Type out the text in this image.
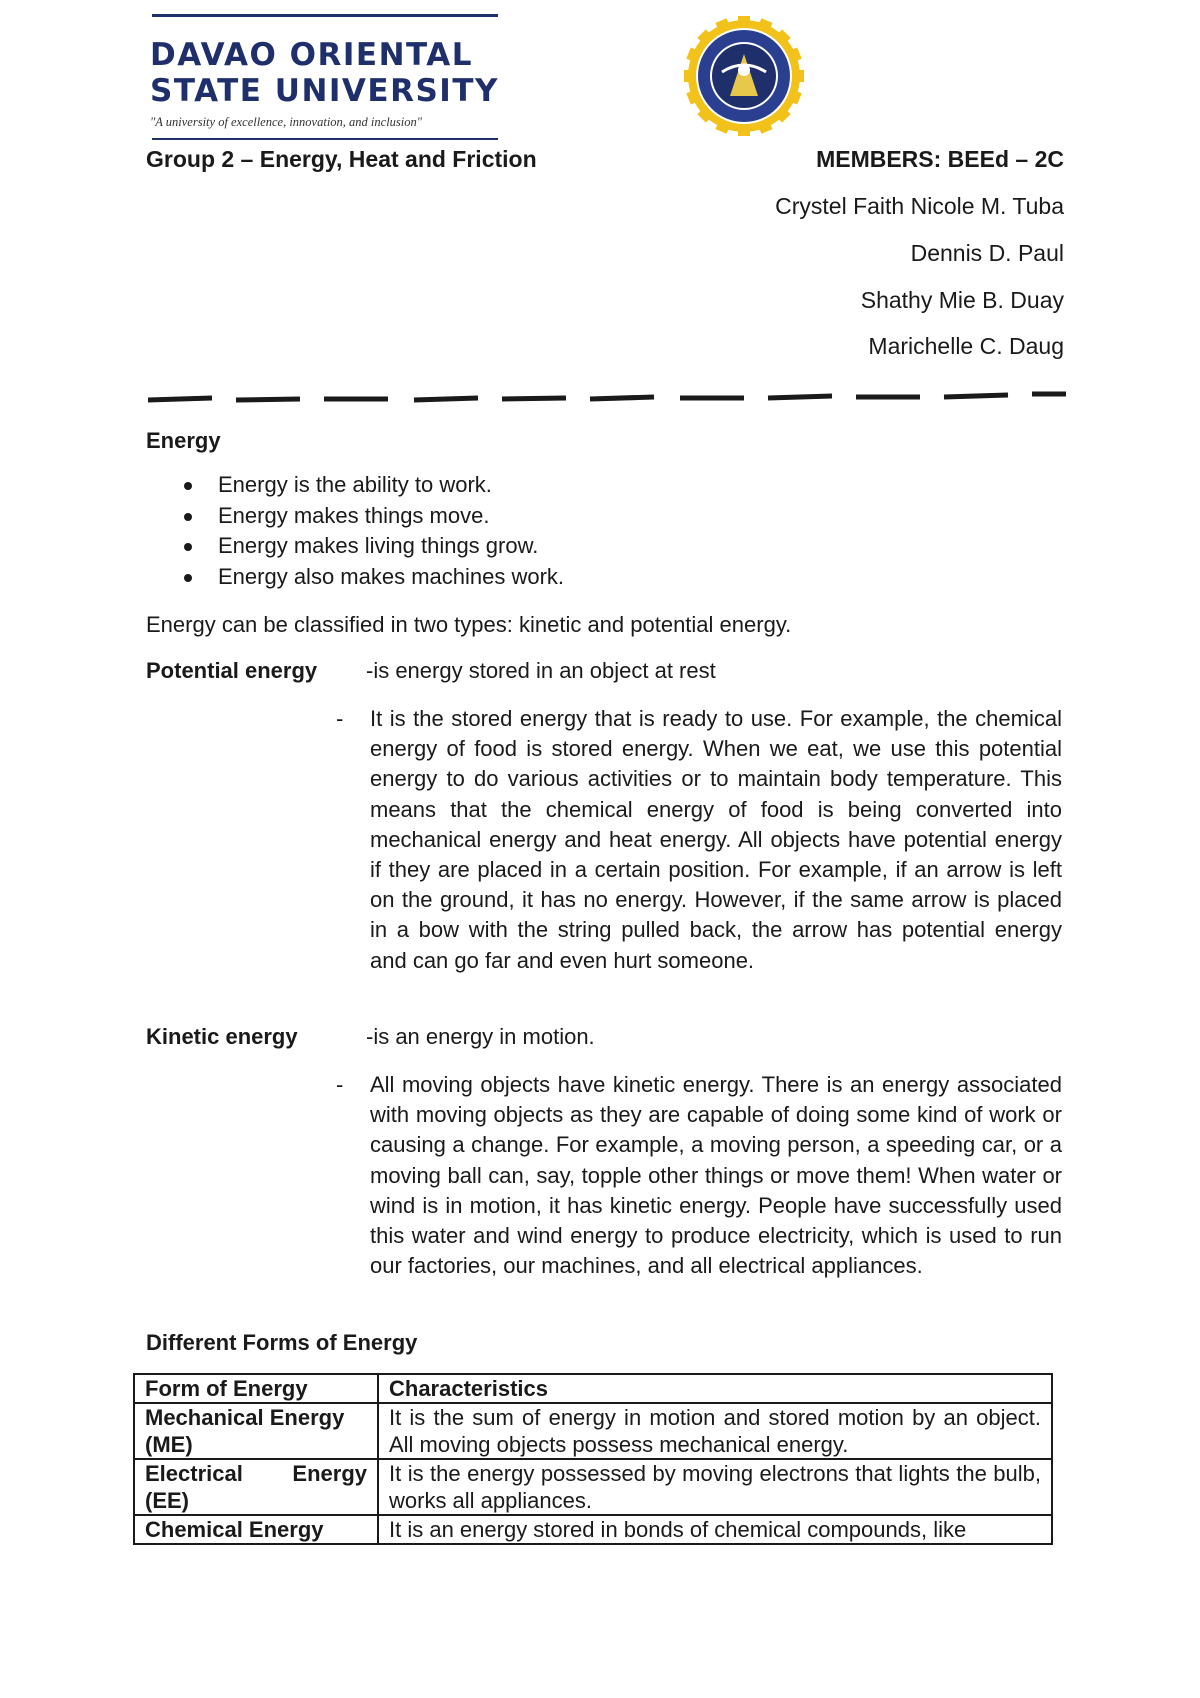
DAVAO ORIENTAL
STATE UNIVERSITY
"A university of excellence, innovation, and inclusion"
Group 2 – Energy, Heat and Friction	MEMBERS: BEEd – 2C
Crystel Faith Nicole M. Tuba
Dennis D. Paul
Shathy Mie B. Duay
Marichelle C. Daug
Energy
Energy is the ability to work.
Energy makes things move.
Energy makes living things grow.
Energy also makes machines work.
Energy can be classified in two types: kinetic and potential energy.
Potential energy -is energy stored in an object at rest
- It is the stored energy that is ready to use. For example, the chemical energy of food is stored energy. When we eat, we use this potential energy to do various activities or to maintain body temperature. This means that the chemical energy of food is being converted into mechanical energy and heat energy. All objects have potential energy if they are placed in a certain position. For example, if an arrow is left on the ground, it has no energy. However, if the same arrow is placed in a bow with the string pulled back, the arrow has potential energy and can go far and even hurt someone.
Kinetic energy	-is an energy in motion.
- All moving objects have kinetic energy. There is an energy associated with moving objects as they are capable of doing some kind of work or causing a change. For example, a moving person, a speeding car, or a moving ball can, say, topple other things or move them! When water or wind is in motion, it has kinetic energy. People have successfully used this water and wind energy to produce electricity, which is used to run our factories, our machines, and all electrical appliances.
Different Forms of Energy
Form of Energy	Characteristics

Mechanical Energy
(ME)	It is the sum of energy in motion and stored motion by an object. All moving objects possess mechanical energy.

Electrical Energy
(EE)	It is the energy possessed by moving electrons that lights the bulb, works all appliances.
Chemical Energy	It is an energy stored in bonds of chemical compounds, like
